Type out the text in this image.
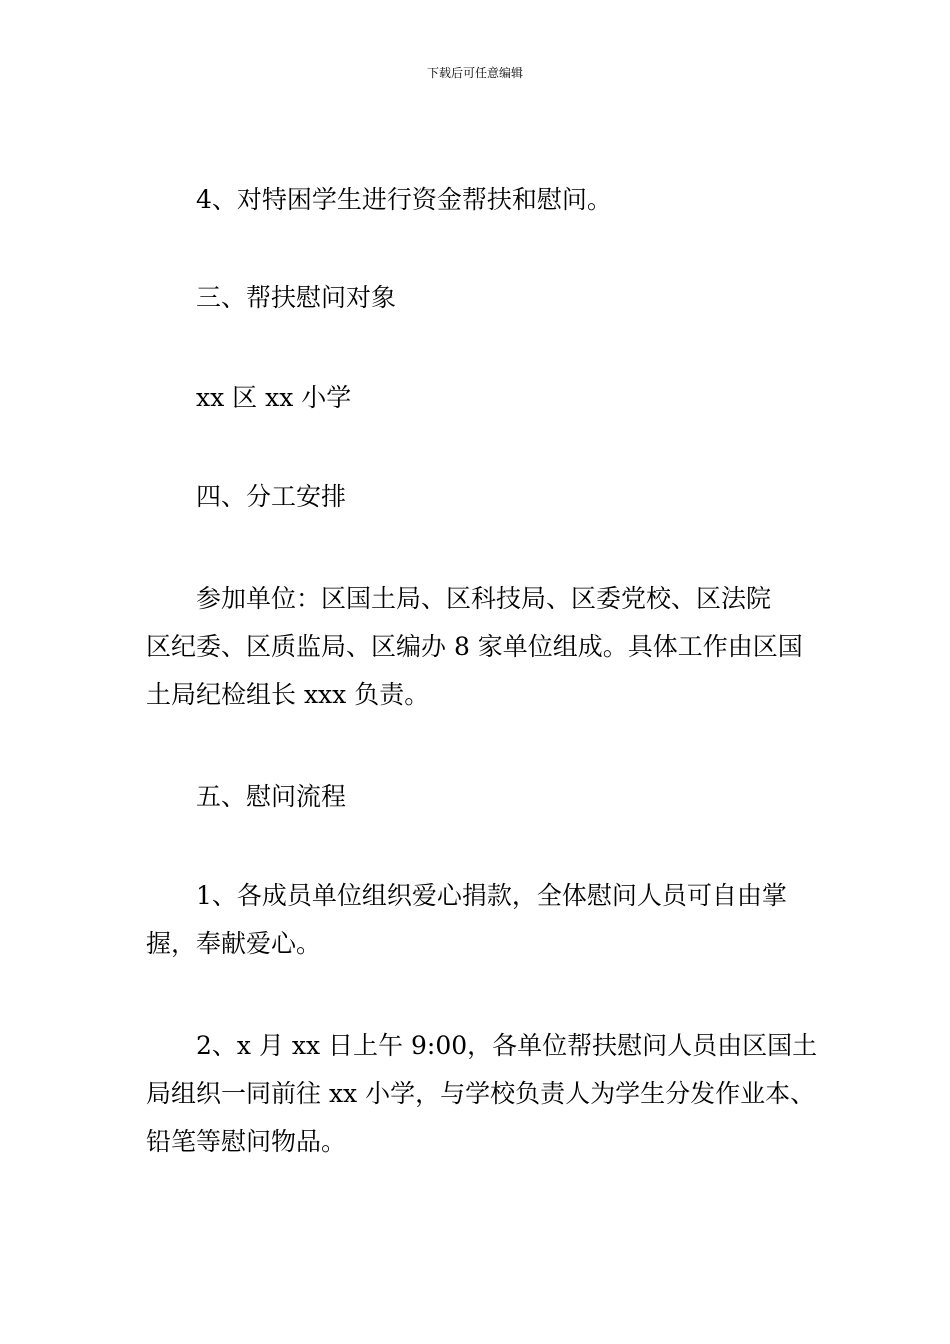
下载后可任意编辑
4、对特困学生进行资金帮扶和慰问。
三、帮扶慰问对象
xx 区 xx 小学
四、分工安排
参加单位：区国土局、区科技局、区委党校、区法院
区纪委、区质监局、区编办 8 家单位组成。具体工作由区国
土局纪检组长 xxx 负责。
五、慰问流程
1、各成员单位组织爱心捐款，全体慰问人员可自由掌
握，奉献爱心。
2、x 月 xx 日上午 9:00，各单位帮扶慰问人员由区国土
局组织一同前往 xx 小学，与学校负责人为学生分发作业本、
铅笔等慰问物品。
